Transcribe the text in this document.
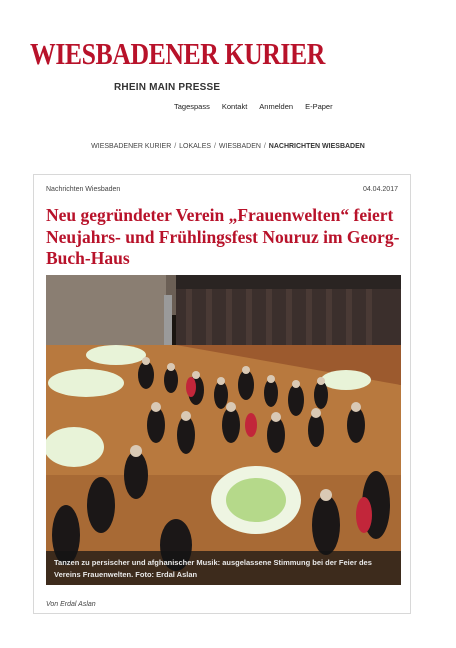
WIESBADENER KURIER
RHEIN MAIN PRESSE
Tagespass Kontakt Anmelden E-Paper
WIESBADENER KURIER / LOKALES / WIESBADEN / NACHRICHTEN WIESBADEN
Nachrichten Wiesbaden	04.04.2017
Neu gegründeter Verein „Frauenwelten“ feiert Neujahrs- und Frühlingsfest Nouruz im Georg-Buch-Haus

Tanzen zu persischer und afghanischer Musik: ausgelassene Stimmung bei der Feier des Vereins Frauenwelten. Foto: Erdal Aslan

Von Erdal Aslan
